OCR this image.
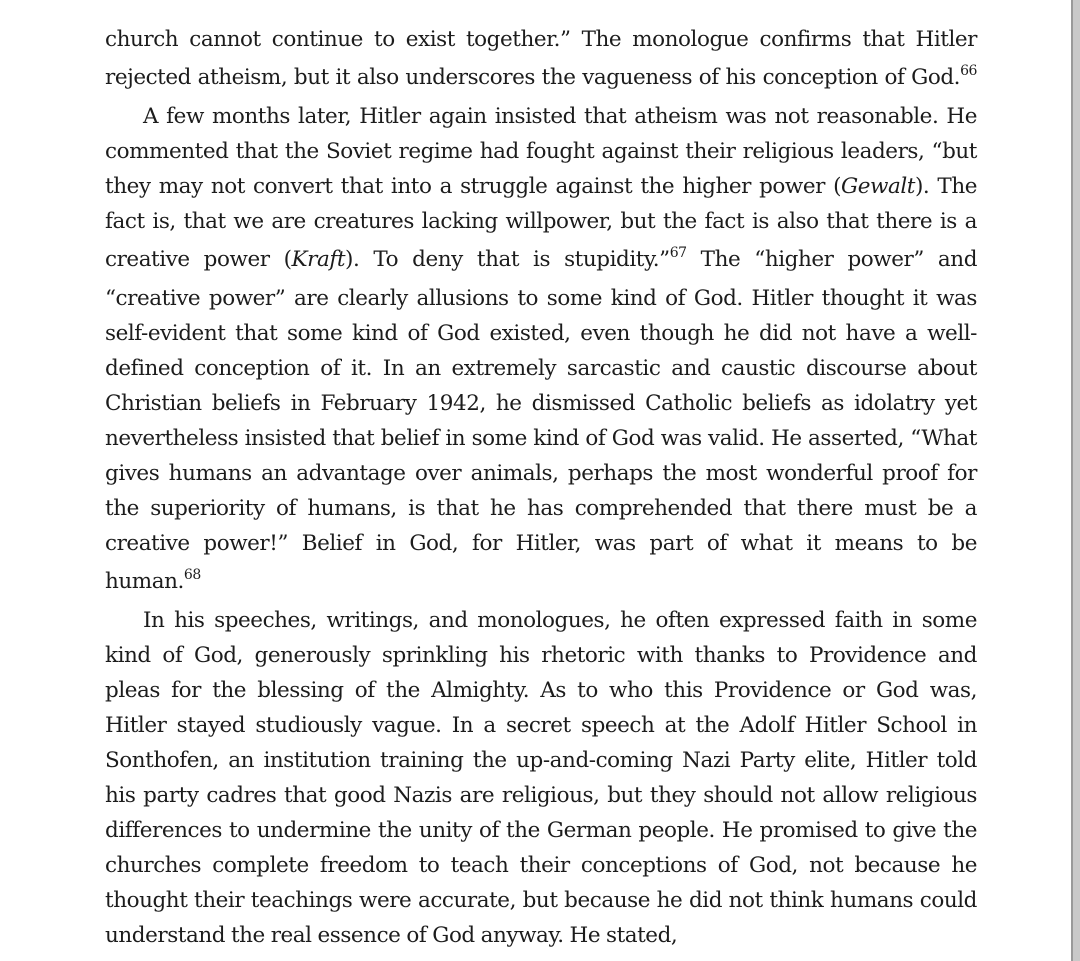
church cannot continue to exist together.” The monologue confirms that Hitler
rejected atheism, but it also underscores the vagueness of his conception of God.$^{66}$
A few months later, Hitler again insisted that atheism was not reasonable. He
commented that the Soviet regime had fought against their religious leaders, “but
they may not convert that into a struggle against the higher power (Gewalt). The
fact is, that we are creatures lacking willpower, but the fact is also that there is a
creative power (Kraft). To deny that is stupidity.”$^{67}$ The “higher power” and
“creative power” are clearly allusions to some kind of God. Hitler thought it was
self-evident that some kind of God existed, even though he did not have a well-
defined conception of it. In an extremely sarcastic and caustic discourse about
Christian beliefs in February 1942, he dismissed Catholic beliefs as idolatry yet
nevertheless insisted that belief in some kind of God was valid. He asserted, “What
gives humans an advantage over animals, perhaps the most wonderful proof for
the superiority of humans, is that he has comprehended that there must be a
creative power!” Belief in God, for Hitler, was part of what it means to be
human.$^{68}$
In his speeches, writings, and monologues, he often expressed faith in some
kind of God, generously sprinkling his rhetoric with thanks to Providence and
pleas for the blessing of the Almighty. As to who this Providence or God was,
Hitler stayed studiously vague. In a secret speech at the Adolf Hitler School in
Sonthofen, an institution training the up-and-coming Nazi Party elite, Hitler told
his party cadres that good Nazis are religious, but they should not allow religious
differences to undermine the unity of the German people. He promised to give the
churches complete freedom to teach their conceptions of God, not because he
thought their teachings were accurate, but because he did not think humans could
understand the real essence of God anyway. He stated,
